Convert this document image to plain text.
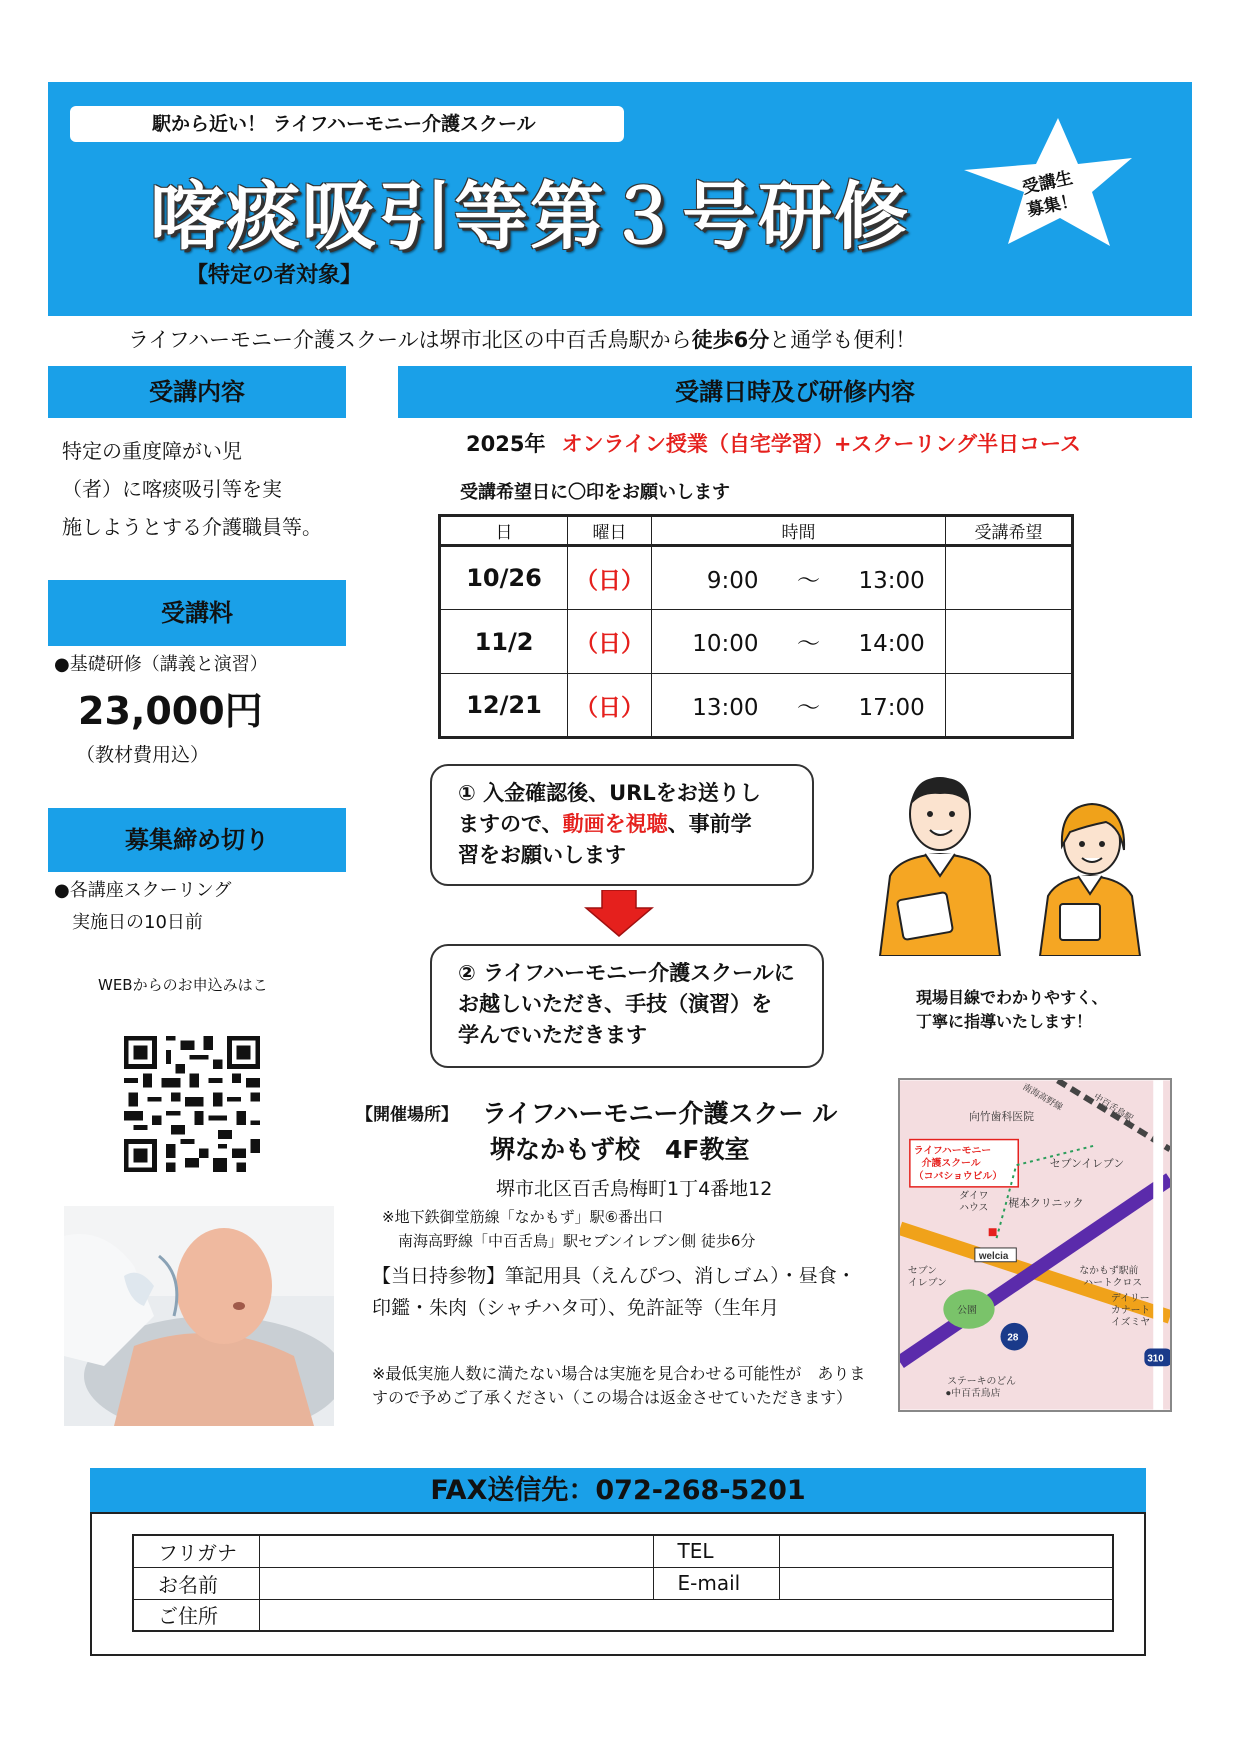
駅から近い！ ライフハーモニー介護スクール
喀痰吸引等第３号研修
【特定の者対象】
受講生
募集！
ライフハーモニー介護スクールは堺市北区の中百舌鳥駅から徒歩6分と通学も便利！
受講内容
特定の重度障がい児
（者）に喀痰吸引等を実
施しようとする介護職員等。
受講料
●基礎研修（講義と演習）
23,000円
（教材費用込）
募集締め切り
●各講座スクーリング
実施日の10日前
WEBからのお申込みはこ
受講日時及び研修内容
2025年 オンライン授業（自宅学習）+スクーリング半日コース
受講希望日に〇印をお願いします
日	曜日	時間	受講希望
10/26	（日）	9:00 ～ 13:00	
11/2	（日）	10:00 ～ 14:00	
12/21	（日）	13:00 ～ 17:00	
① 入金確認後、URLをお送りし
ますので、動画を視聴、事前学
習をお願いします
② ライフハーモニー介護スクールに
お越しいただき、手技（演習）を
学んでいただきます
現場目線でわかりやすく、
丁寧に指導いたします！
【開催場所】 ライフハーモニー介護スクー ル
堺なかもず校　4F教室
堺市北区百舌鳥梅町1丁4番地12
※地下鉄御堂筋線「なかもず」駅⑥番出口
南海高野線「中百舌鳥」駅セブンイレブン側 徒歩6分
【当日持参物】筆記用具（えんぴつ、消しゴム）・昼食・印鑑・朱肉（シャチハタ可）、免許証等（生年月
※最低実施人数に満たない場合は実施を見合わせる可能性が　ありますので予めご了承ください（この場合は返金させていただきます）
ライフハーモニー
介護スクール
（コバショウビル）
向竹歯科医院
セブンイレブン
ダイワ
ハウス 梶本クリニック
welcia
セブン
イレブン
公園
なかもず駅前
ハートクロス
デイリー
カナート
イズミヤ
ステーキのどん
●中百舌鳥店
28
310
南海高野線	中百舌鳥駅
FAX送信先：072-268-5201
フリガナ		TEL	
お名前		E-mail	
ご住所			
